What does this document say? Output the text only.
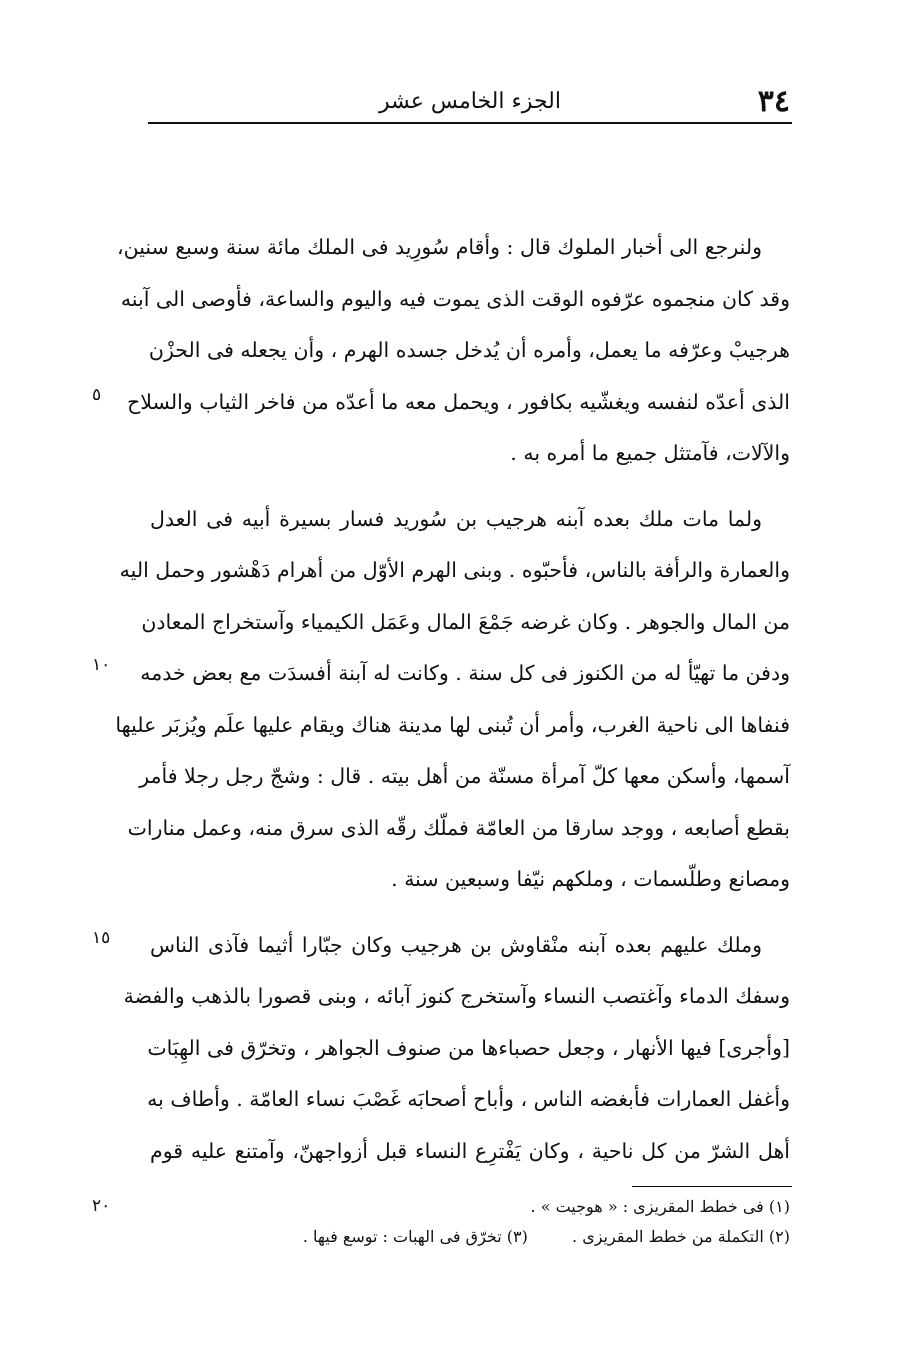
٣٤
الجزء الخامس عشر
ولنرجع الى أخبار الملوك قال : وأقام سُورِيد فى الملك مائة سنة وسبع سنين،
وقد كان منجموه عرّفوه الوقت الذى يموت فيه واليوم والساعة، فأوصى الى آبنه
هرجيبْ وعرّفه ما يعمل، وأمره أن يُدخل جسده الهرم ، وأن يجعله فى الحزْن
الذى أعدّه لنفسه ويغشّيه بكافور ، ويحمل معه ما أعدّه من فاخر الثياب والسلاح
والآلات، فآمتثل جميع ما أمره به .
ولما مات ملك بعده آبنه هرجيب بن سُوريد فسار بسيرة أبيه فى العدل
والعمارة والرأفة بالناس، فأحبّوه . وبنى الهرم الأوّل من أهرام دَهْشور وحمل اليه
من المال والجوهر . وكان غرضه جَمْعَ المال وعَمَل الكيمياء وآستخراج المعادن
ودفن ما تهيّأ له من الكنوز فى كل سنة . وكانت له آبنة أفسدَت مع بعض خدمه
فنفاها الى ناحية الغرب، وأمر أن تُبنى لها مدينة هناك ويقام عليها علَم ويُزبَر عليها
آسمها، وأسكن معها كلّ آمرأة مسنّة من أهل بيته . قال : وشجّ رجل رجلا فأمر
بقطع أصابعه ، ووجد سارقا من العامّة فملّك رقّه الذى سرق منه، وعمل منارات
ومصانع وطلّسمات ، وملكهم نيّفا وسبعين سنة .
وملك عليهم بعده آبنه منْقاوش بن هرجيب وكان جبّارا أثيما فآذى الناس
وسفك الدماء وآغتصب النساء وآستخرج كنوز آبائه ، وبنى قصورا بالذهب والفضة
[وأجرى] فيها الأنهار ، وجعل حصباءها من صنوف الجواهر ، وتخرّق فى الهِبَات
وأغفل العمارات فأبغضه الناس ، وأباح أصحابَه غَصْبَ نساء العامّة . وأطاف به
أهل الشرّ من كل ناحية ، وكان يَفْترِع النساء قبل أزواجهنّ، وآمتنع عليه قوم
٥
١٠
١٥
٢٠	(١) فى خطط المقريزى : « هوجيت » .
(٢) التكملة من خطط المقريزى .  (٣) تخرّق فى الهبات : توسع فيها .
